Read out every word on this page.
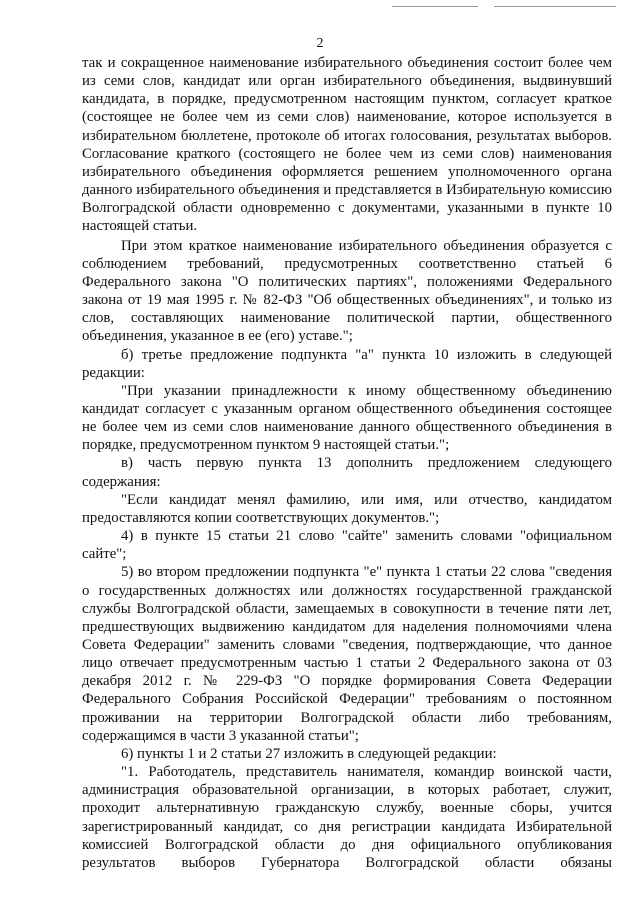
2

так и сокращенное наименование избирательного объединения состоит более чем из семи слов, кандидат или орган избирательного объединения, выдвинувший кандидата, в порядке, предусмотренном настоящим пунктом, согласует краткое (состоящее не более чем из семи слов) наименование, которое используется в избирательном бюллетене, протоколе об итогах голосования, результатах выборов. Согласование краткого (состоящего не более чем из семи слов) наименования избирательного объединения оформляется решением уполномоченного органа данного избирательного объединения и представляется в Избирательную комиссию Волгоградской области одновременно с документами, указанными в пункте 10 настоящей статьи.

При этом краткое наименование избирательного объединения образуется с соблюдением требований, предусмотренных соответственно статьей 6 Федерального закона "О политических партиях", положениями Федерального закона от 19 мая 1995 г. № 82-ФЗ "Об общественных объединениях", и только из слов, составляющих наименование политической партии, общественного объединения, указанное в ее (его) уставе.";

б) третье предложение подпункта "а" пункта 10 изложить в следующей редакции:

"При указании принадлежности к иному общественному объединению кандидат согласует с указанным органом общественного объединения состоящее не более чем из семи слов наименование данного общественного объединения в порядке, предусмотренном пунктом 9 настоящей статьи.";

в) часть первую пункта 13 дополнить предложением следующего содержания:

"Если кандидат менял фамилию, или имя, или отчество, кандидатом предоставляются копии соответствующих документов.";

4) в пункте 15 статьи 21 слово "сайте" заменить словами "официальном сайте";

5) во втором предложении подпункта "е" пункта 1 статьи 22 слова "сведения о государственных должностях или должностях государственной гражданской службы Волгоградской области, замещаемых в совокупности в течение пяти лет, предшествующих выдвижению кандидатом для наделения полномочиями члена Совета Федерации" заменить словами "сведения, подтверждающие, что данное лицо отвечает предусмотренным частью 1 статьи 2 Федерального закона от 03 декабря 2012 г. № 229-ФЗ "О порядке формирования Совета Федерации Федерального Собрания Российской Федерации" требованиям о постоянном проживании на территории Волгоградской области либо требованиям, содержащимся в части 3 указанной статьи";

6) пункты 1 и 2 статьи 27 изложить в следующей редакции:

"1. Работодатель, представитель нанимателя, командир воинской части, администрация образовательной организации, в которых работает, служит, проходит альтернативную гражданскую службу, военные сборы, учится зарегистрированный кандидат, со дня регистрации кандидата Избирательной комиссией Волгоградской области до дня официального опубликования результатов выборов Губернатора Волгоградской области обязаны
